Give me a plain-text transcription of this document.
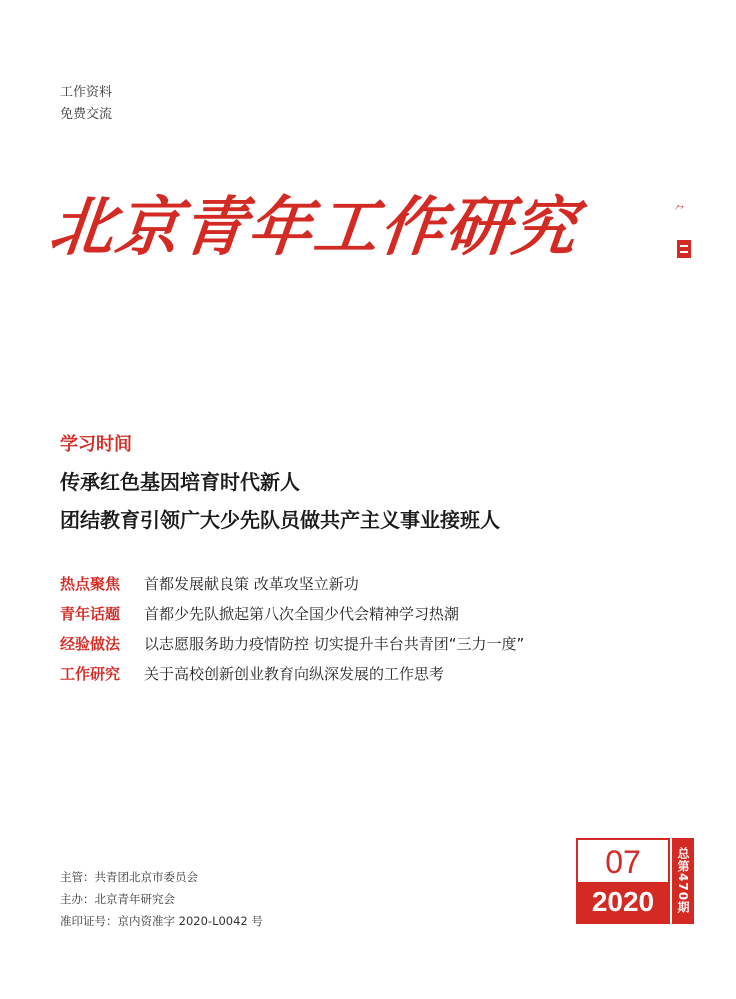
工作资料
免费交流
北京青年工作研究	⺈
学习时间
传承红色基因培育时代新人
团结教育引领广大少先队员做共产主义事业接班人
热点聚焦	首都发展献良策 改革攻坚立新功
青年话题	首都少先队掀起第八次全国少代会精神学习热潮
经验做法	以志愿服务助力疫情防控 切实提升丰台共青团“三力一度”
工作研究	关于高校创新创业教育向纵深发展的工作思考
主管：共青团北京市委员会
主办：北京青年研究会
准印证号：京内资准字 2020-L0042 号
07
2020	总第470期
